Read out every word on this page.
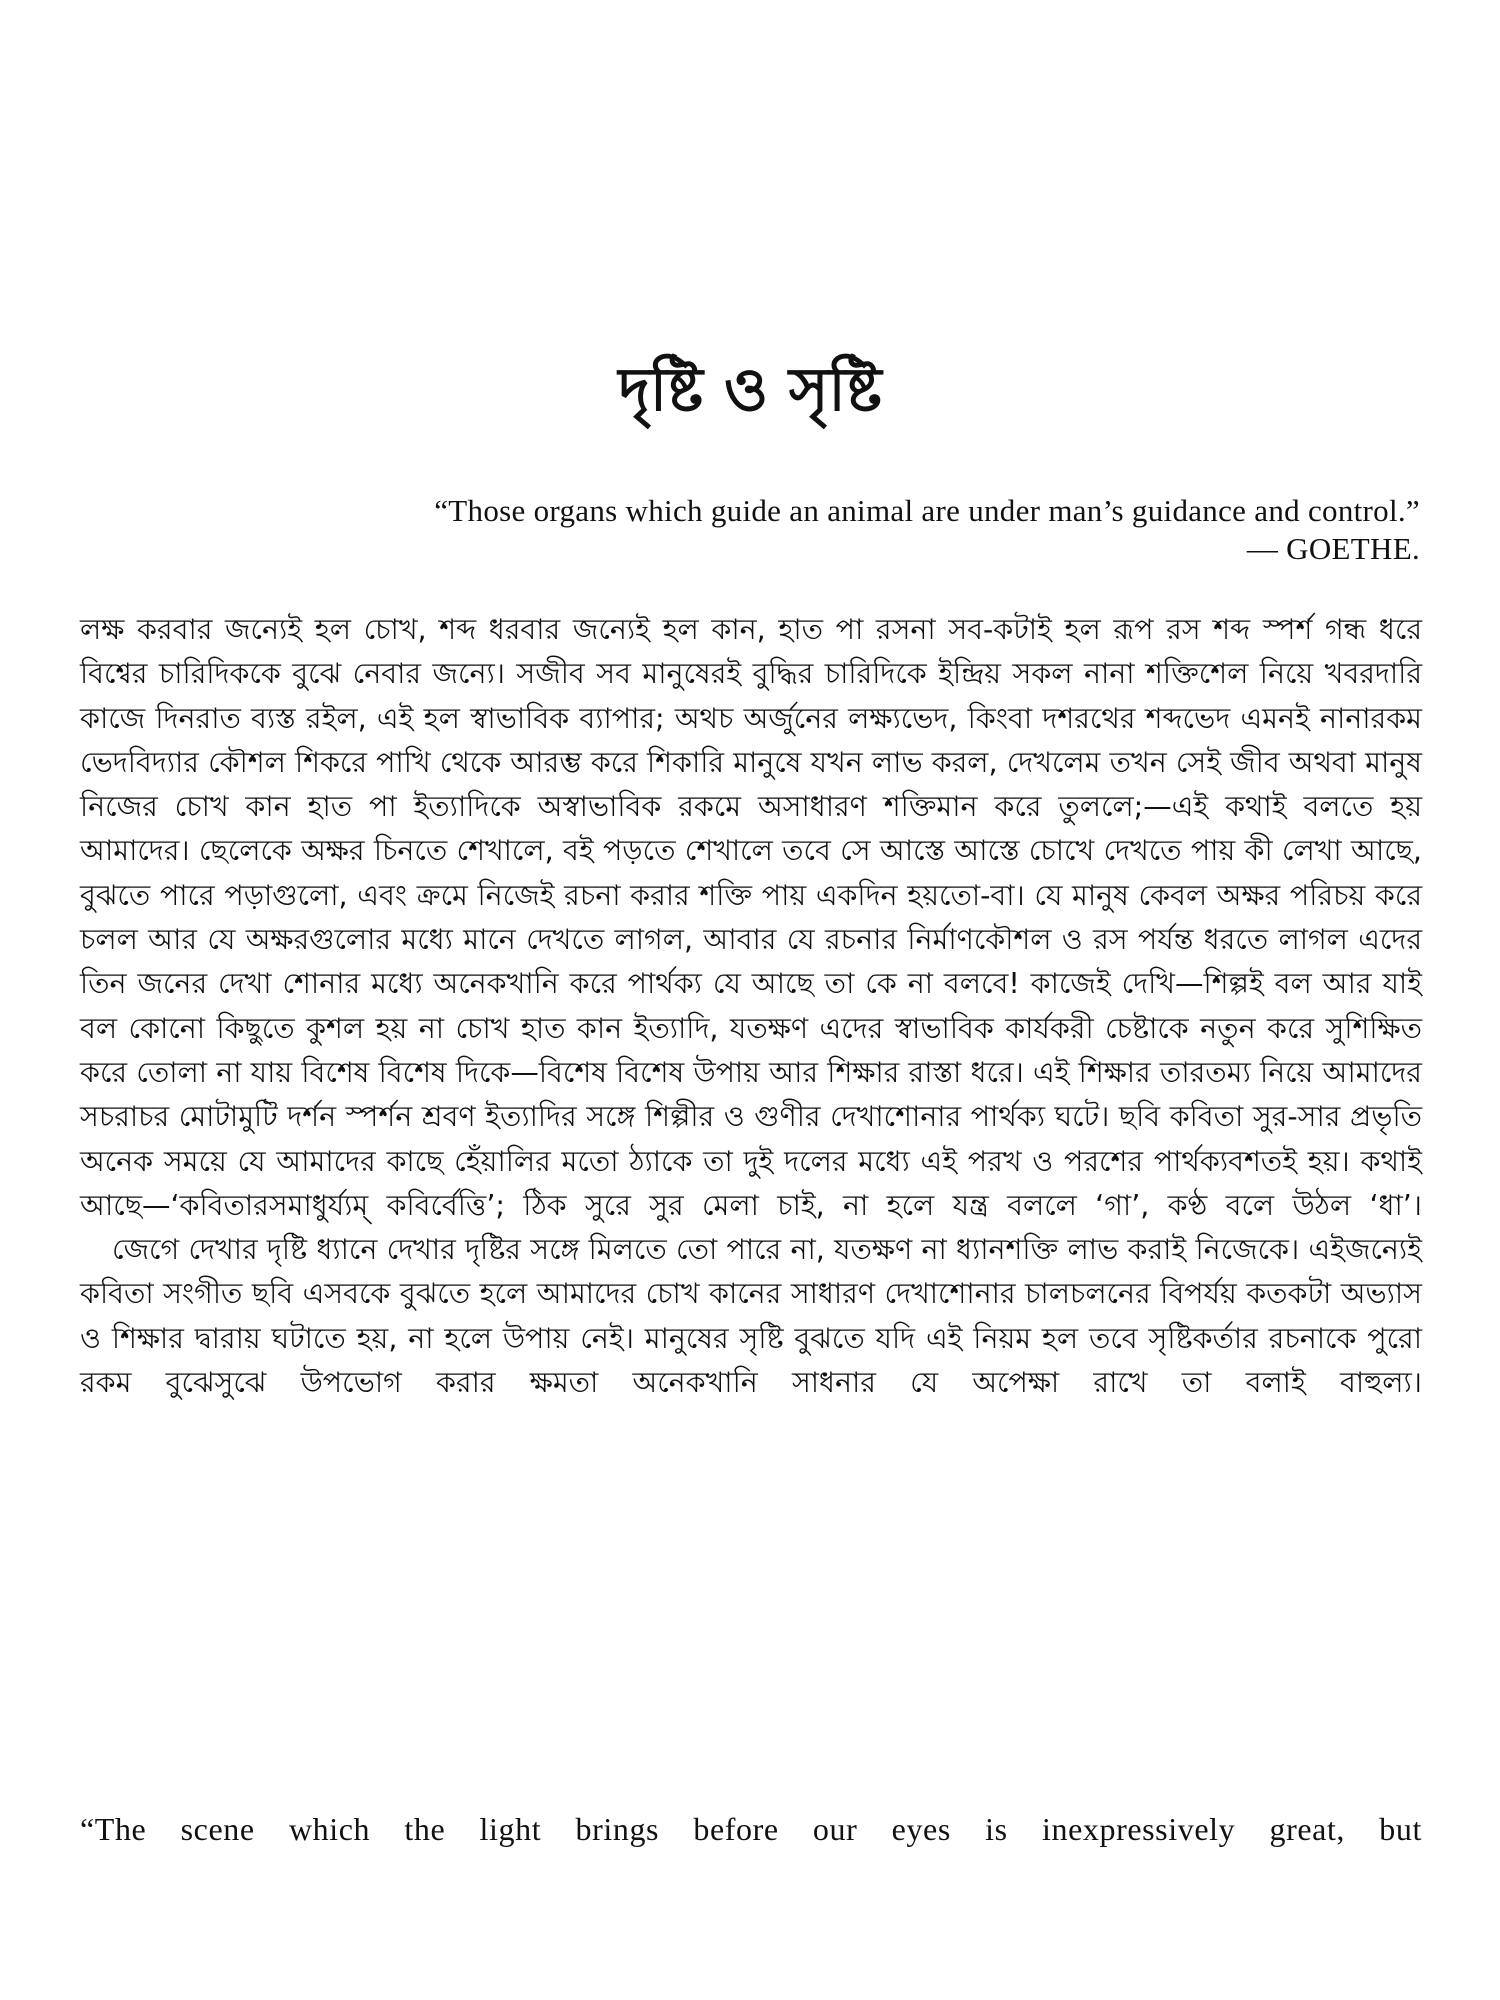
দৃষ্টি ও সৃষ্টি
“Those organs which guide an animal are under man’s guidance and control.”
— GOETHE.

লক্ষ করবার জন্যেই হল চোখ, শব্দ ধরবার জন্যেই হল কান, হাত পা রসনা সব-কটাই হল রূপ রস শব্দ স্পর্শ গন্ধ ধরে বিশ্বের চারিদিককে বুঝে নেবার জন্যে। সজীব সব মানুষেরই বুদ্ধির চারিদিকে ইন্দ্রিয় সকল নানা শক্তিশেল নিয়ে খবরদারি কাজে দিনরাত ব্যস্ত রইল, এই হল স্বাভাবিক ব্যাপার; অথচ অর্জুনের লক্ষ্যভেদ, কিংবা দশরথের শব্দভেদ এমনই নানারকম ভেদবিদ্যার কৌশল শিকরে পাখি থেকে আরম্ভ করে শিকারি মানুষে যখন লাভ করল, দেখলেম তখন সেই জীব অথবা মানুষ নিজের চোখ কান হাত পা ইত্যাদিকে অস্বাভাবিক রকমে অসাধারণ শক্তিমান করে তুললে;—এই কথাই বলতে হয় আমাদের। ছেলেকে অক্ষর চিনতে শেখালে, বই পড়তে শেখালে তবে সে আস্তে আস্তে চোখে দেখতে পায় কী লেখা আছে, বুঝতে পারে পড়াগুলো, এবং ক্রমে নিজেই রচনা করার শক্তি পায় একদিন হয়তো-বা। যে মানুষ কেবল অক্ষর পরিচয় করে চলল আর যে অক্ষরগুলোর মধ্যে মানে দেখতে লাগল, আবার যে রচনার নির্মাণকৌশল ও রস পর্যন্ত ধরতে লাগল এদের তিন জনের দেখা শোনার মধ্যে অনেকখানি করে পার্থক্য যে আছে তা কে না বলবে! কাজেই দেখি—শিল্পই বল আর যাই বল কোনো কিছুতে কুশল হয় না চোখ হাত কান ইত্যাদি, যতক্ষণ এদের স্বাভাবিক কার্যকরী চেষ্টাকে নতুন করে সুশিক্ষিত করে তোলা না যায় বিশেষ বিশেষ দিকে—বিশেষ বিশেষ উপায় আর শিক্ষার রাস্তা ধরে। এই শিক্ষার তারতম্য নিয়ে আমাদের সচরাচর মোটামুটি দর্শন স্পর্শন শ্রবণ ইত্যাদির সঙ্গে শিল্পীর ও গুণীর দেখাশোনার পার্থক্য ঘটে। ছবি কবিতা সুর-সার প্রভৃতি অনেক সময়ে যে আমাদের কাছে হেঁয়ালির মতো ঠ্যাকে তা দুই দলের মধ্যে এই পরখ ও পরশের পার্থক্যবশতই হয়। কথাই আছে—‘কবিতারসমাধুর্য্যম্ কবির্বেত্তি’; ঠিক সুরে সুর মেলা চাই, না হলে যন্ত্র বললে ‘গা’, কণ্ঠ বলে উঠল ‘ধা’।

জেগে দেখার দৃষ্টি ধ্যানে দেখার দৃষ্টির সঙ্গে মিলতে তো পারে না, যতক্ষণ না ধ্যানশক্তি লাভ করাই নিজেকে। এইজন্যেই কবিতা সংগীত ছবি এসবকে বুঝতে হলে আমাদের চোখ কানের সাধারণ দেখাশোনার চালচলনের বিপর্যয় কতকটা অভ্যাস ও শিক্ষার দ্বারায় ঘটাতে হয়, না হলে উপায় নেই। মানুষের সৃষ্টি বুঝতে যদি এই নিয়ম হল তবে সৃষ্টিকর্তার রচনাকে পুরো রকম বুঝেসুঝে উপভোগ করার ক্ষমতা অনেকখানি সাধনার যে অপেক্ষা রাখে তা বলাই বাহুল্য।

“The scene which the light brings before our eyes is inexpressively great, but
